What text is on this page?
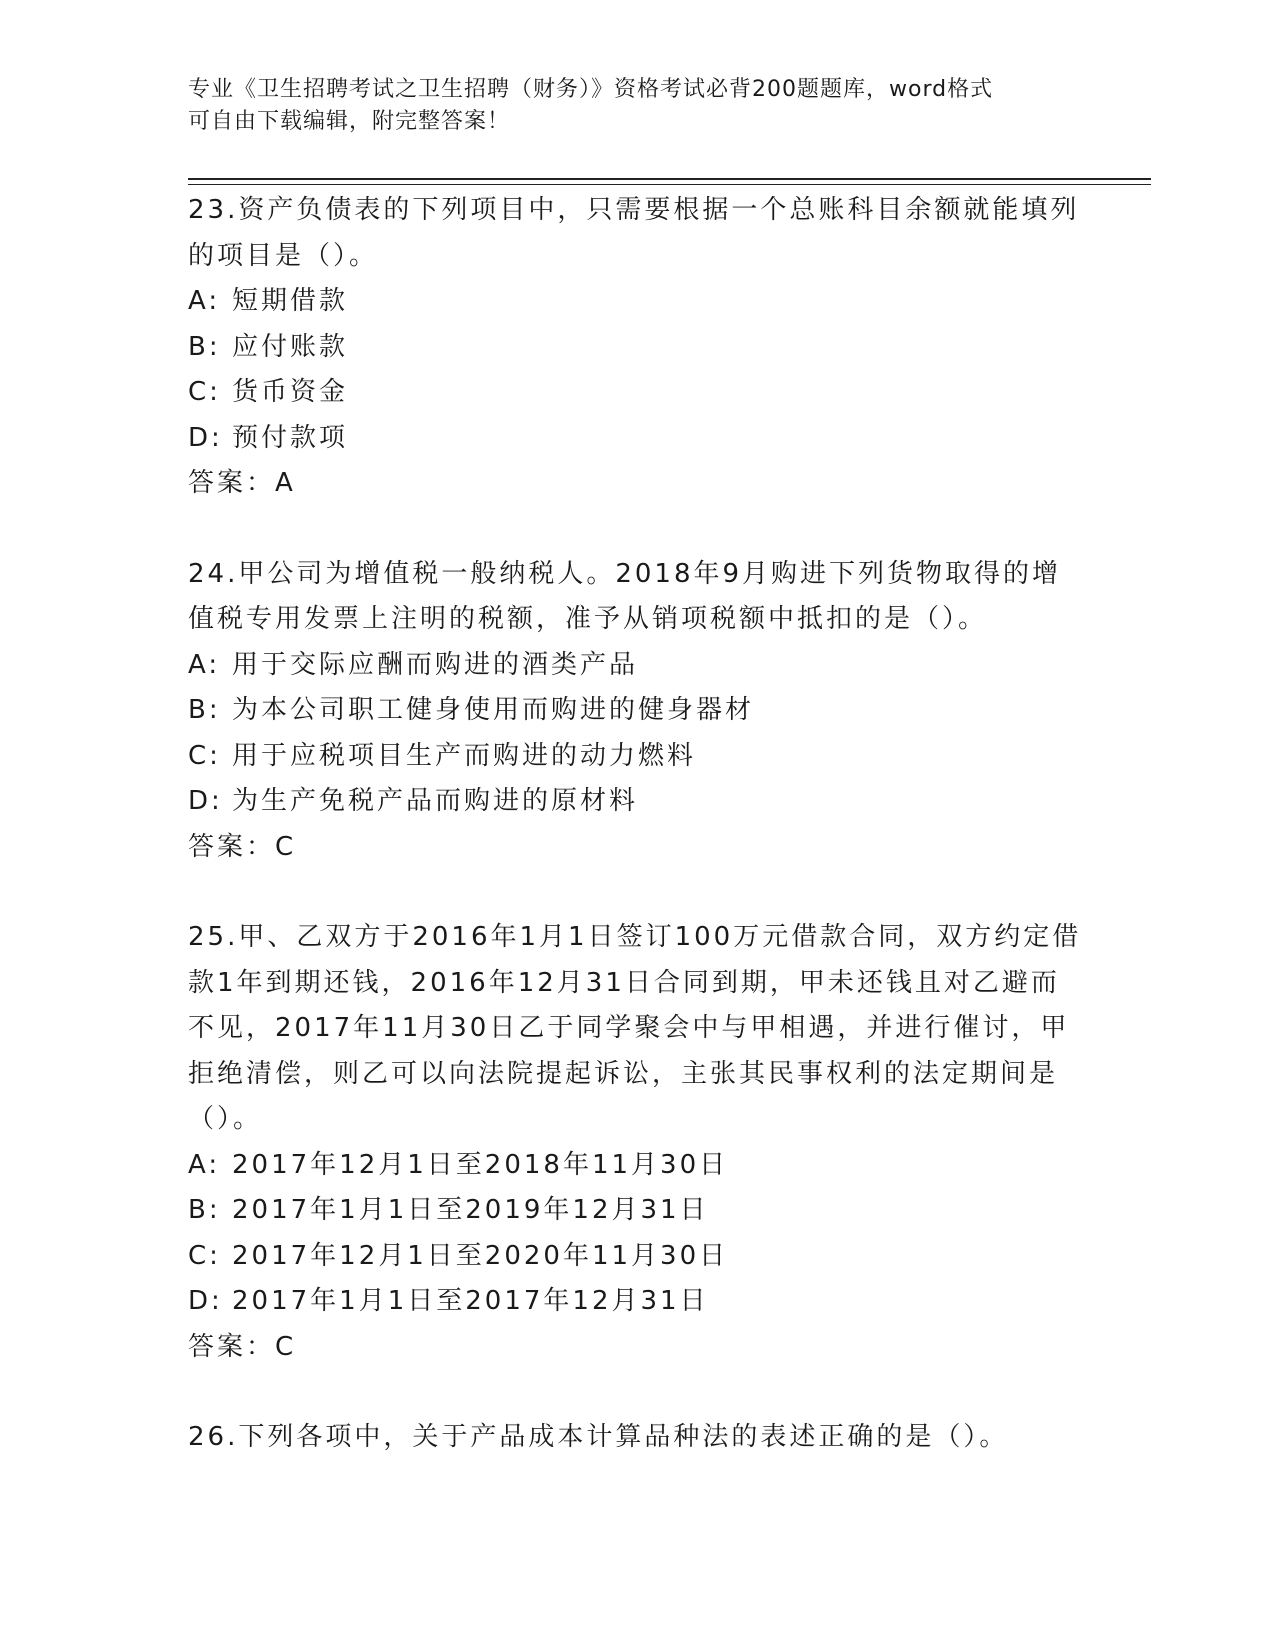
专业《卫生招聘考试之卫生招聘（财务）》资格考试必背200题题库，word格式

可自由下载编辑，附完整答案！

23.资产负债表的下列项目中，只需要根据一个总账科目余额就能填列的项目是（）。

A: 短期借款

B: 应付账款

C: 货币资金

D: 预付款项

答案：A

24.甲公司为增值税一般纳税人。2018年9月购进下列货物取得的增值税专用发票上注明的税额，准予从销项税额中抵扣的是（）。

A: 用于交际应酬而购进的酒类产品

B: 为本公司职工健身使用而购进的健身器材

C: 用于应税项目生产而购进的动力燃料

D: 为生产免税产品而购进的原材料

答案：C

25.甲、乙双方于2016年1月1日签订100万元借款合同，双方约定借款1年到期还钱，2016年12月31日合同到期，甲未还钱且对乙避而不见，2017年11月30日乙于同学聚会中与甲相遇，并进行催讨，甲拒绝清偿，则乙可以向法院提起诉讼，主张其民事权利的法定期间是（）。

A: 2017年12月1日至2018年11月30日

B: 2017年1月1日至2019年12月31日

C: 2017年12月1日至2020年11月30日

D: 2017年1月1日至2017年12月31日

答案：C

26.下列各项中，关于产品成本计算品种法的表述正确的是（）。
